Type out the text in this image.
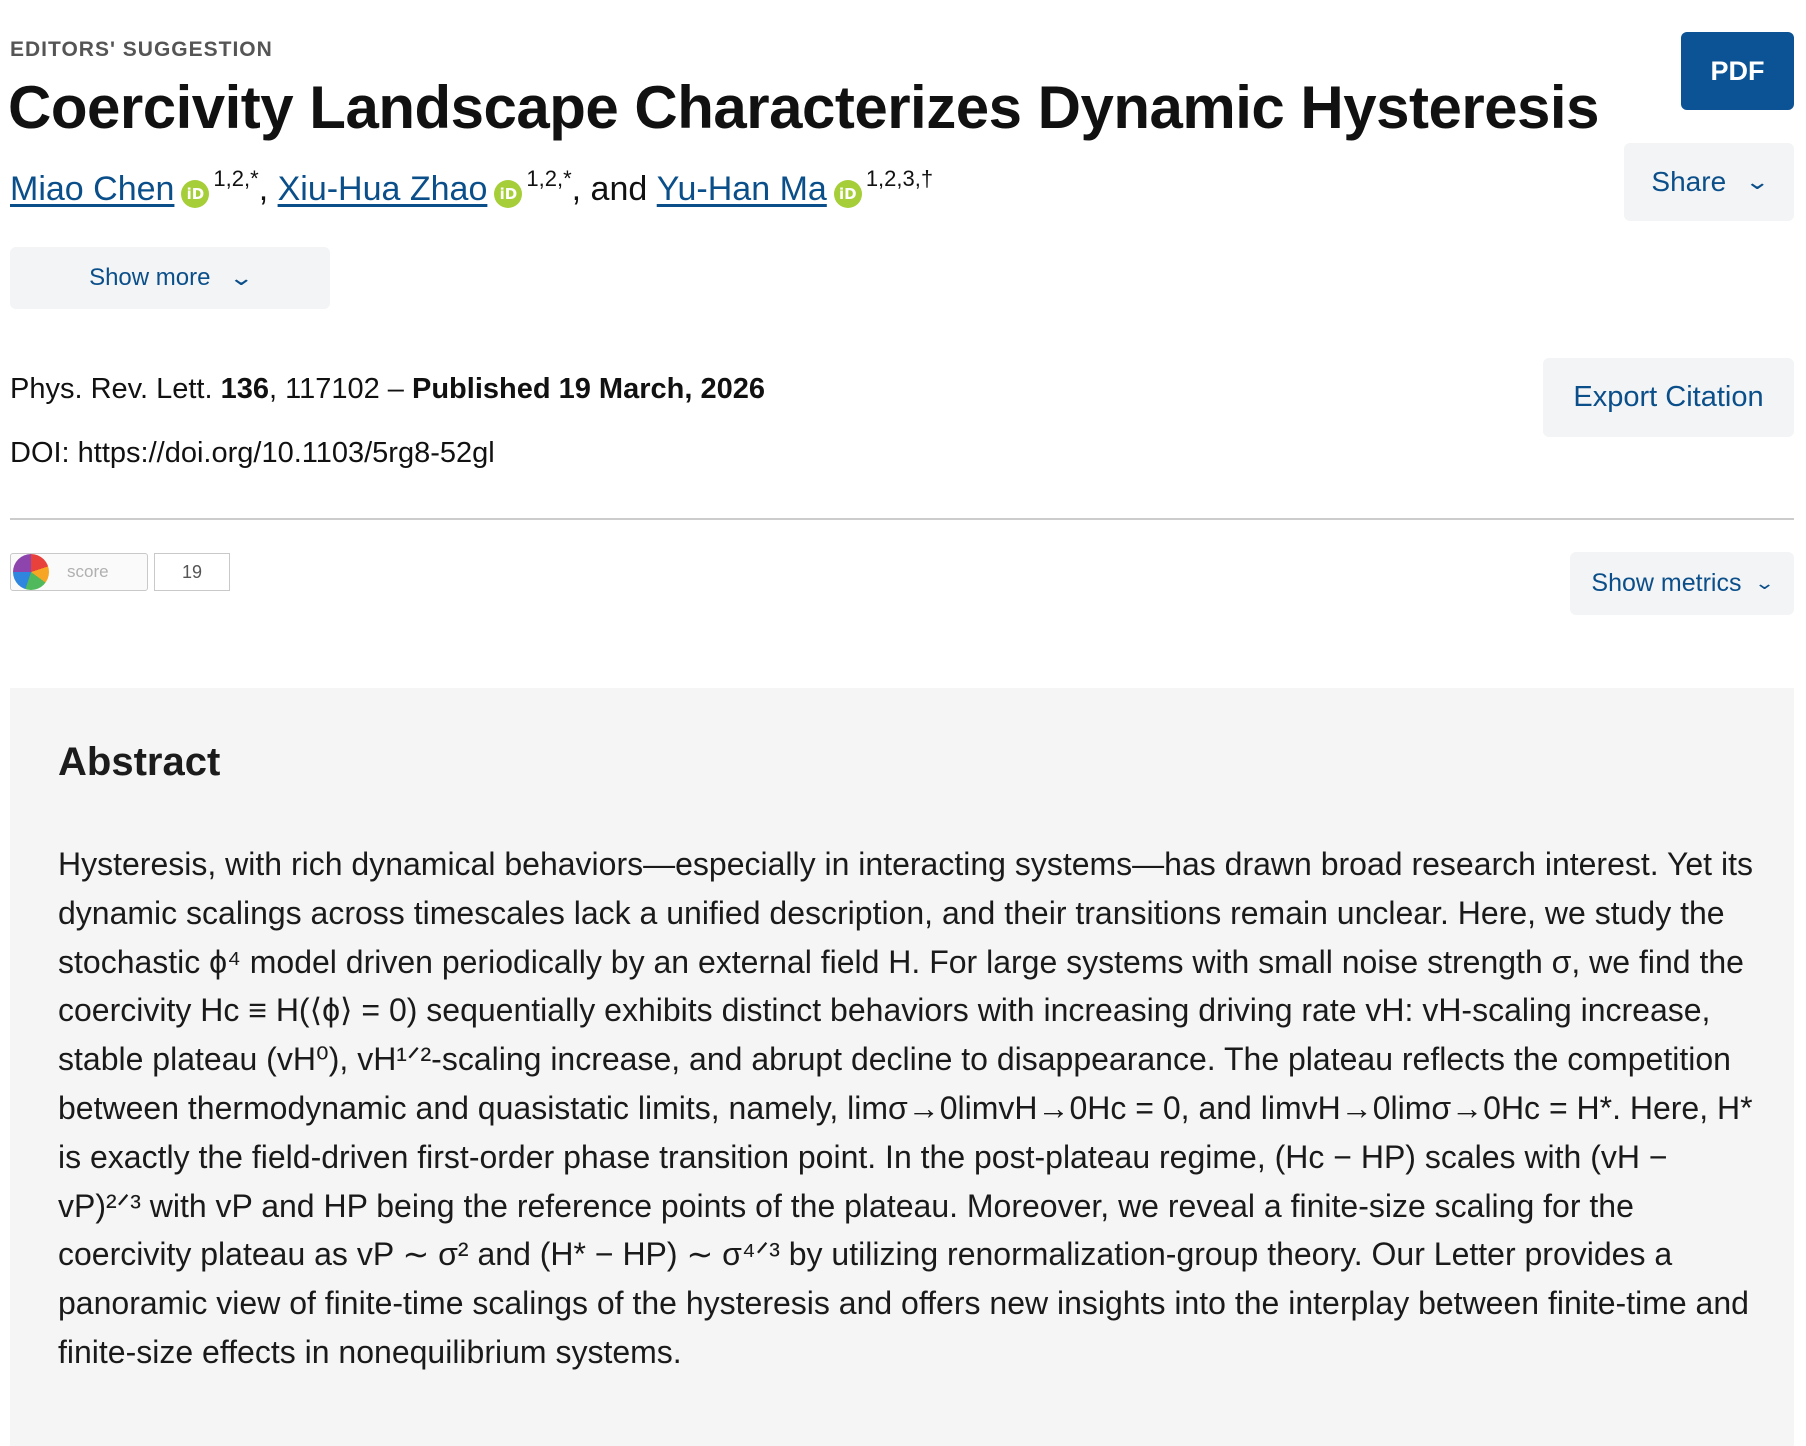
EDITORS' SUGGESTION
Coercivity Landscape Characterizes Dynamic Hysteresis
Miao Chen iD
$^{1,2,*}$ , Xiu-Hua Zhao iD
$^{1,2,*}$ , and Yu-Han Ma iD
$^{1,2,3,\dagger}$
Show more ⌄
PDF
Share ⌄
Phys. Rev. Lett. 136, 117102 – Published 19 March, 2026
DOI: https://doi.org/10.1103/5rg8-52gl
Export Citation
score	19	Show metrics ⌄
Abstract
Hysteresis, with rich dynamical behaviors—especially in interacting systems—has drawn broad research interest. Yet its dynamic scalings across timescales lack a unified description, and their transitions remain unclear. Here, we study the stochastic ϕ⁴ model driven periodically by an external field H. For large systems with small noise strength σ, we find the coercivity Hc ≡ H(⟨ϕ⟩ = 0) sequentially exhibits distinct behaviors with increasing driving rate vH: vH-scaling increase, stable plateau (vH⁰), vH¹ᐟ²-scaling increase, and abrupt decline to disappearance. The plateau reflects the competition between thermodynamic and quasistatic limits, namely, limσ→0limvH→0Hc = 0, and limvH→0limσ→0Hc = H*. Here, H* is exactly the field-driven first-order phase transition point. In the post-plateau regime, (Hc − HP) scales with (vH − vP)²ᐟ³ with vP and HP being the reference points of the plateau. Moreover, we reveal a finite-size scaling for the coercivity plateau as vP ∼ σ² and (H* − HP) ∼ σ⁴ᐟ³ by utilizing renormalization-group theory. Our Letter provides a panoramic view of finite-time scalings of the hysteresis and offers new insights into the interplay between finite-time and finite-size effects in nonequilibrium systems.
